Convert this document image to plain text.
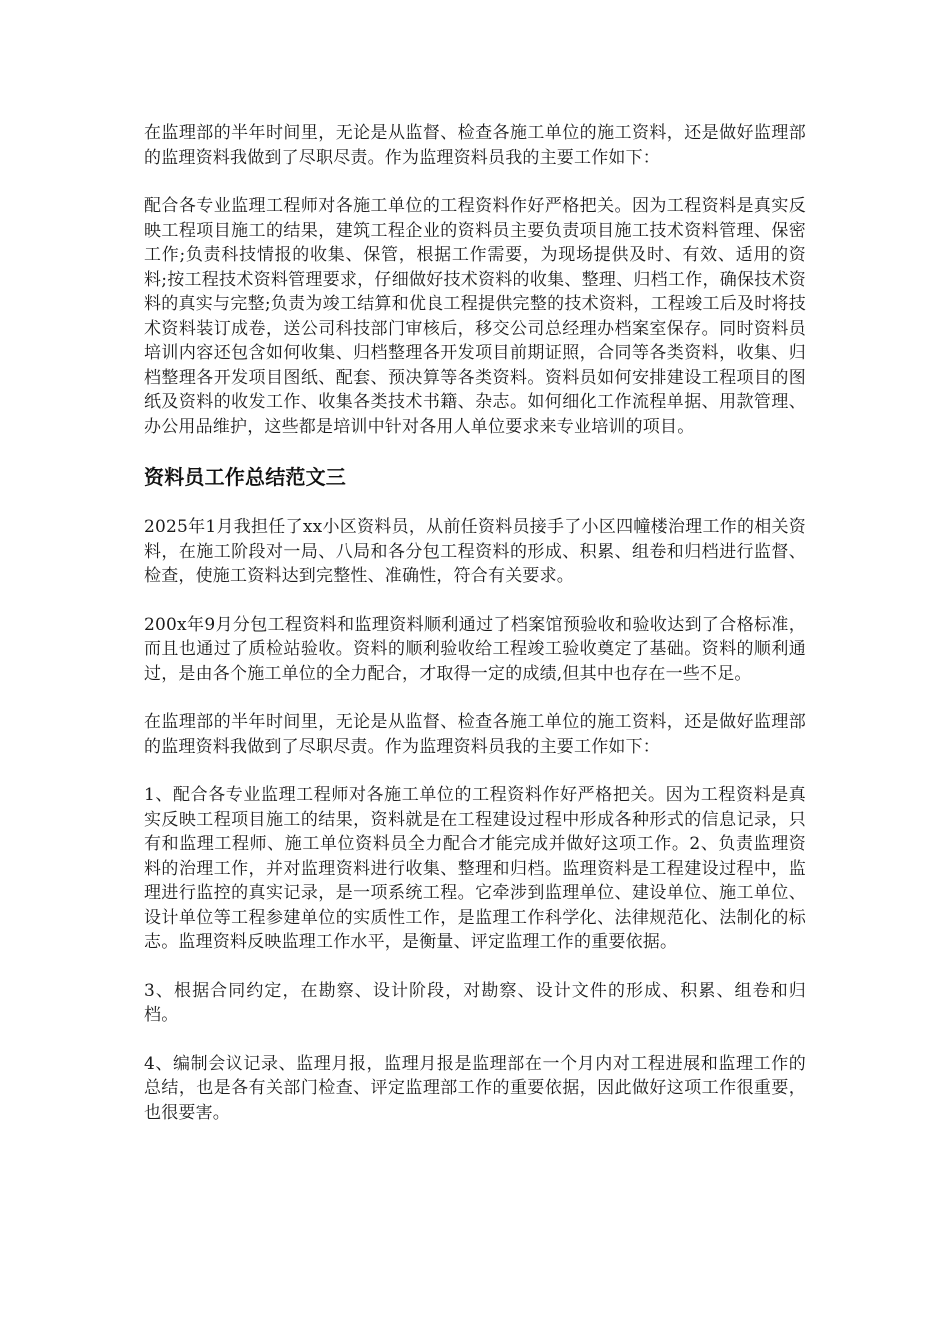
在监理部的半年时间里，无论是从监督、检查各施工单位的施工资料，还是做好监理部的监理资料我做到了尽职尽责。作为监理资料员我的主要工作如下：

配合各专业监理工程师对各施工单位的工程资料作好严格把关。因为工程资料是真实反映工程项目施工的结果，建筑工程企业的资料员主要负责项目施工技术资料管理、保密工作;负责科技情报的收集、保管，根据工作需要，为现场提供及时、有效、适用的资料;按工程技术资料管理要求，仔细做好技术资料的收集、整理、归档工作，确保技术资料的真实与完整;负责为竣工结算和优良工程提供完整的技术资料，工程竣工后及时将技术资料装订成卷，送公司科技部门审核后，移交公司总经理办档案室保存。同时资料员培训内容还包含如何收集、归档整理各开发项目前期证照，合同等各类资料，收集、归档整理各开发项目图纸、配套、预决算等各类资料。资料员如何安排建设工程项目的图纸及资料的收发工作、收集各类技术书籍、杂志。如何细化工作流程单据、用款管理、办公用品维护，这些都是培训中针对各用人单位要求来专业培训的项目。

资料员工作总结范文三

2025年1月我担任了xx小区资料员，从前任资料员接手了小区四幢楼治理工作的相关资料，在施工阶段对一局、八局和各分包工程资料的形成、积累、组卷和归档进行监督、检查，使施工资料达到完整性、准确性，符合有关要求。

200x年9月分包工程资料和监理资料顺利通过了档案馆预验收和验收达到了合格标准，而且也通过了质检站验收。资料的顺利验收给工程竣工验收奠定了基础。资料的顺利通过，是由各个施工单位的全力配合，才取得一定的成绩,但其中也存在一些不足。

在监理部的半年时间里，无论是从监督、检查各施工单位的施工资料，还是做好监理部的监理资料我做到了尽职尽责。作为监理资料员我的主要工作如下：

1、配合各专业监理工程师对各施工单位的工程资料作好严格把关。因为工程资料是真实反映工程项目施工的结果，资料就是在工程建设过程中形成各种形式的信息记录，只有和监理工程师、施工单位资料员全力配合才能完成并做好这项工作。2、负责监理资料的治理工作，并对监理资料进行收集、整理和归档。监理资料是工程建设过程中，监理进行监控的真实记录，是一项系统工程。它牵涉到监理单位、建设单位、施工单位、设计单位等工程参建单位的实质性工作，是监理工作科学化、法律规范化、法制化的标志。监理资料反映监理工作水平，是衡量、评定监理工作的重要依据。

3、根据合同约定，在勘察、设计阶段，对勘察、设计文件的形成、积累、组卷和归档。

4、编制会议记录、监理月报，监理月报是监理部在一个月内对工程进展和监理工作的总结，也是各有关部门检查、评定监理部工作的重要依据，因此做好这项工作很重要，也很要害。
